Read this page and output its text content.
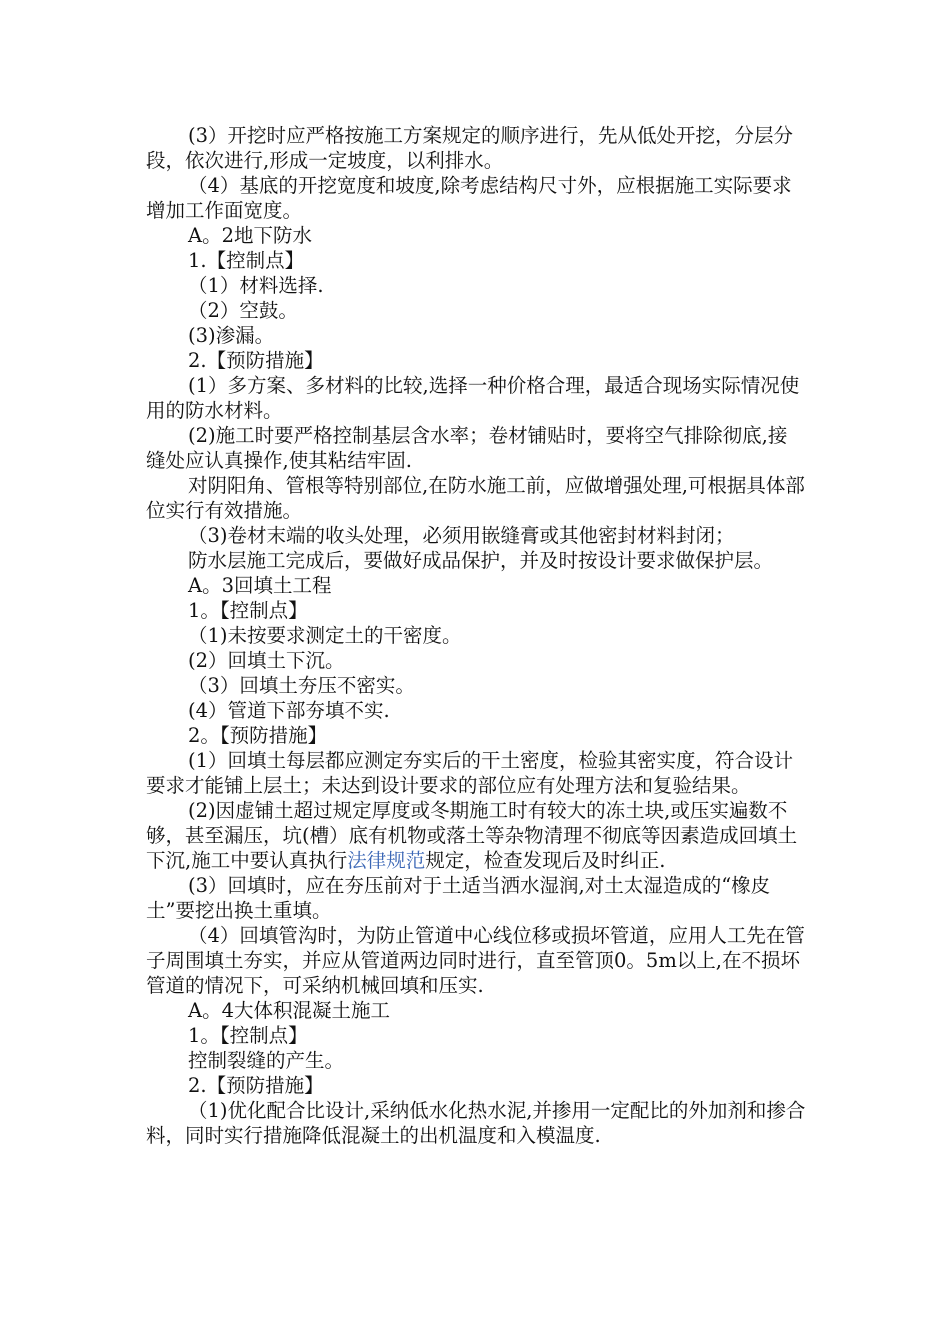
(3）开挖时应严格按施工方案规定的顺序进行，先从低处开挖，分层分段，依次进行,形成一定坡度，以利排水。

（4）基底的开挖宽度和坡度,除考虑结构尺寸外，应根据施工实际要求增加工作面宽度。

A。2地下防水

1.【控制点】

（1）材料选择.

（2）空鼓。

(3)渗漏。

2.【预防措施】

(1）多方案、多材料的比较,选择一种价格合理，最适合现场实际情况使用的防水材料。

(2)施工时要严格控制基层含水率；卷材铺贴时，要将空气排除彻底,接缝处应认真操作,使其粘结牢固.

对阴阳角、管根等特别部位,在防水施工前，应做增强处理,可根据具体部位实行有效措施。

（3)卷材末端的收头处理，必须用嵌缝膏或其他密封材料封闭；

防水层施工完成后，要做好成品保护，并及时按设计要求做保护层。

A。3回填土工程

1。【控制点】

（1)未按要求测定土的干密度。

(2）回填土下沉。

（3）回填土夯压不密实。

(4）管道下部夯填不实.

2。【预防措施】

(1）回填土每层都应测定夯实后的干土密度，检验其密实度，符合设计要求才能铺上层土；未达到设计要求的部位应有处理方法和复验结果。

(2)因虚铺土超过规定厚度或冬期施工时有较大的冻土块,或压实遍数不够，甚至漏压，坑(槽）底有机物或落土等杂物清理不彻底等因素造成回填土下沉,施工中要认真执行法律规范规定，检查发现后及时纠正.

(3）回填时，应在夯压前对于土适当洒水湿润,对土太湿造成的“橡皮土”要挖出换土重填。

（4）回填管沟时，为防止管道中心线位移或损坏管道，应用人工先在管子周围填土夯实，并应从管道两边同时进行，直至管顶0。5m以上,在不损坏管道的情况下，可采纳机械回填和压实.

A。4大体积混凝土施工

1。【控制点】

控制裂缝的产生。

2.【预防措施】

（1)优化配合比设计,采纳低水化热水泥,并掺用一定配比的外加剂和掺合料，同时实行措施降低混凝土的出机温度和入模温度.
